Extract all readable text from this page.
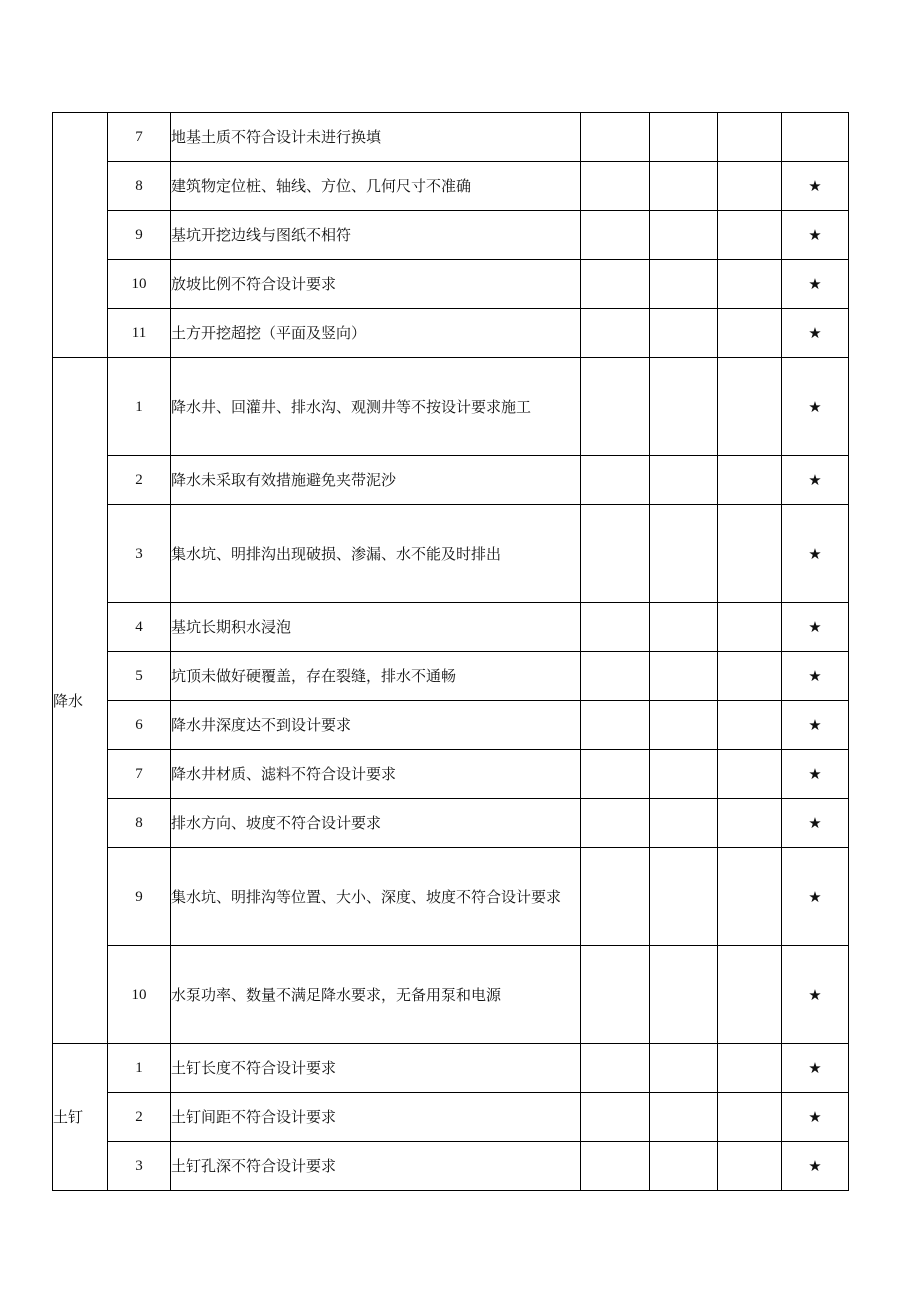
	7	地基土质不符合设计未进行换填				
	8	建筑物定位桩、轴线、方位、几何尺寸不准确				★
	9	基坑开挖边线与图纸不相符				★
	10	放坡比例不符合设计要求				★
	11	土方开挖超挖（平面及竖向）				★
降水	1	降水井、回灌井、排水沟、观测井等不按设计要求施工				★
	2	降水未采取有效措施避免夹带泥沙				★
	3	集水坑、明排沟出现破损、渗漏、水不能及时排出				★
	4	基坑长期积水浸泡				★
	5	坑顶未做好硬覆盖，存在裂缝，排水不通畅				★
	6	降水井深度达不到设计要求				★
	7	降水井材质、滤料不符合设计要求				★
	8	排水方向、坡度不符合设计要求				★
	9	集水坑、明排沟等位置、大小、深度、坡度不符合设计要求				★
	10	水泵功率、数量不满足降水要求，无备用泵和电源				★
土钉	1	土钉长度不符合设计要求				★
	2	土钉间距不符合设计要求				★
	3	土钉孔深不符合设计要求				★
